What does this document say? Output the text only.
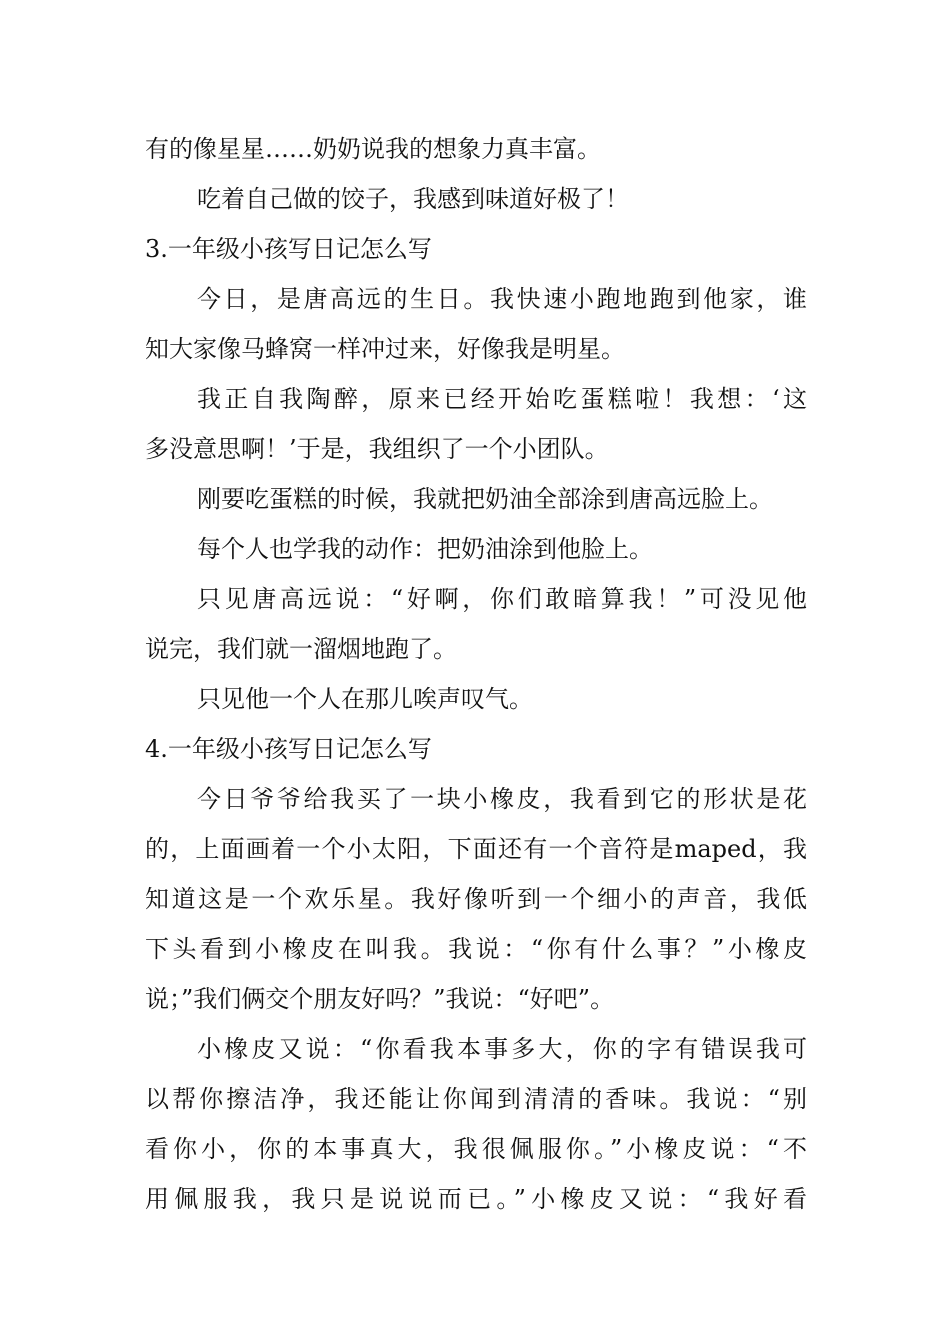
有的像星星……奶奶说我的想象力真丰富。
吃着自己做的饺子，我感到味道好极了！
3.一年级小孩写日记怎么写
今日，是唐高远的生日。我快速小跑地跑到他家，谁
知大家像马蜂窝一样冲过来，好像我是明星。
我正自我陶醉，原来已经开始吃蛋糕啦！我想：‘这
多没意思啊！’于是，我组织了一个小团队。
刚要吃蛋糕的时候，我就把奶油全部涂到唐高远脸上。
每个人也学我的动作：把奶油涂到他脸上。
只见唐高远说：“好啊，你们敢暗算我！”可没见他
说完，我们就一溜烟地跑了。
只见他一个人在那儿唉声叹气。
4.一年级小孩写日记怎么写
今日爷爷给我买了一块小橡皮，我看到它的形状是花
的，上面画着一个小太阳，下面还有一个音符是maped，我
知道这是一个欢乐星。我好像听到一个细小的声音，我低
下头看到小橡皮在叫我。我说：“你有什么事？”小橡皮
说；”我们俩交个朋友好吗？”我说：“好吧”。
小橡皮又说：“你看我本事多大，你的字有错误我可
以帮你擦洁净，我还能让你闻到清清的香味。我说：“别
看你小，你的本事真大，我很佩服你。”小橡皮说：“不
用佩服我，我只是说说而已。”小橡皮又说：“我好看
